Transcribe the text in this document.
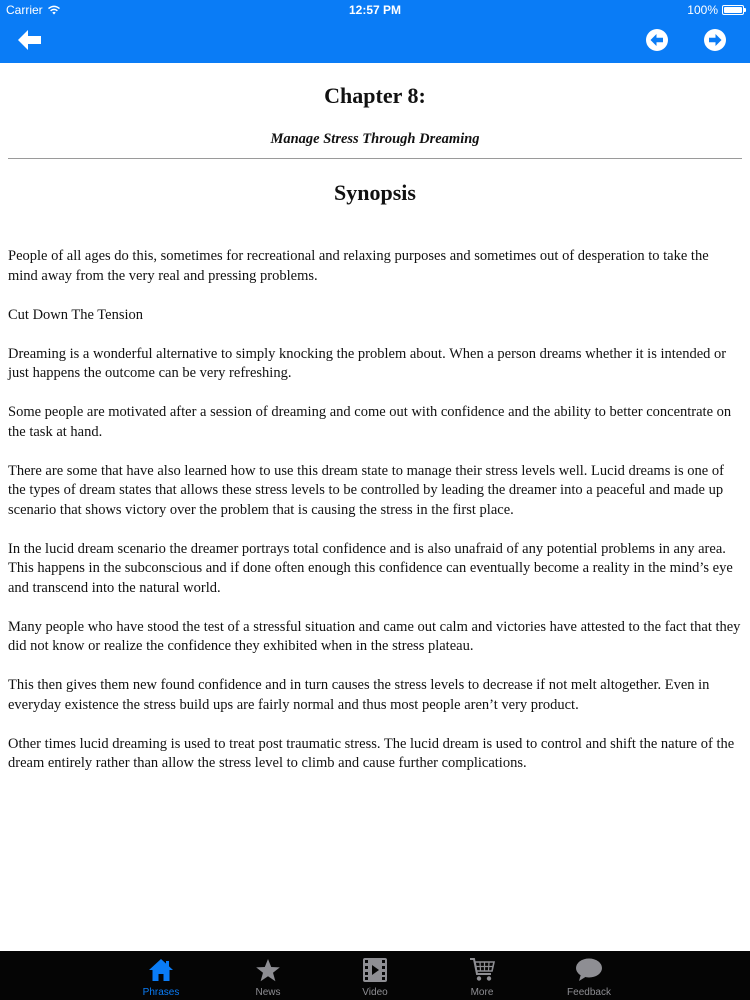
Carrier	12:57 PM	100%
Chapter 8:
Manage Stress Through Dreaming
Synopsis

People of all ages do this, sometimes for recreational and relaxing purposes and sometimes out of desperation to take the mind away from the very real and pressing problems.

Cut Down The Tension

Dreaming is a wonderful alternative to simply knocking the problem about. When a person dreams whether it is intended or just happens the outcome can be very refreshing.

Some people are motivated after a session of dreaming and come out with confidence and the ability to better concentrate on the task at hand.

There are some that have also learned how to use this dream state to manage their stress levels well. Lucid dreams is one of the types of dream states that allows these stress levels to be controlled by leading the dreamer into a peaceful and made up scenario that shows victory over the problem that is causing the stress in the first place.

In the lucid dream scenario the dreamer portrays total confidence and is also unafraid of any potential problems in any area. This happens in the subconscious and if done often enough this confidence can eventually become a reality in the mind’s eye and transcend into the natural world.

Many people who have stood the test of a stressful situation and came out calm and victories have attested to the fact that they did not know or realize the confidence they exhibited when in the stress plateau.

This then gives them new found confidence and in turn causes the stress levels to decrease if not melt altogether. Even in everyday existence the stress build ups are fairly normal and thus most people aren’t very product.

Other times lucid dreaming is used to treat post traumatic stress. The lucid dream is used to control and shift the nature of the dream entirely rather than allow the stress level to climb and cause further complications.

Phrases	News	Video	More	Feedback
